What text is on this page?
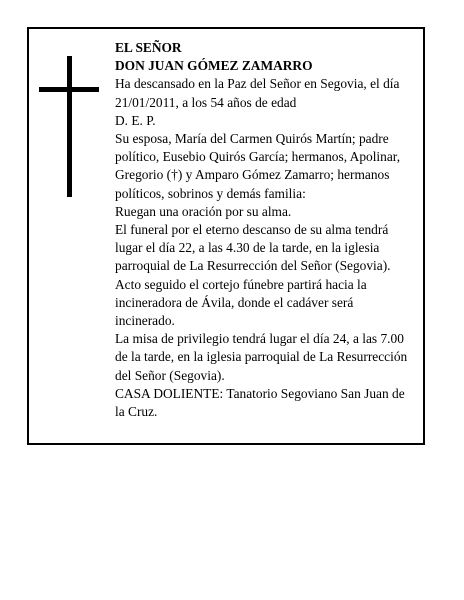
EL SEÑOR

DON JUAN GÓMEZ ZAMARRO

Ha descansado en la Paz del Señor en Segovia, el día 21/01/2011, a los 54 años de edad

D. E. P.

Su esposa, María del Carmen Quirós Martín; padre político, Eusebio Quirós García; hermanos, Apolinar, Gregorio (†) y Amparo Gómez Zamarro; hermanos políticos, sobrinos y demás familia:

Ruegan una oración por su alma.

El funeral por el eterno descanso de su alma tendrá lugar el día 22, a las 4.30 de la tarde, en la iglesia parroquial de La Resurrección del Señor (Segovia).

Acto seguido el cortejo fúnebre partirá hacia la incineradora de Ávila, donde el cadáver será incinerado.

La misa de privilegio tendrá lugar el día 24, a las 7.00 de la tarde, en la iglesia parroquial de La Resurrección del Señor (Segovia).

CASA DOLIENTE: Tanatorio Segoviano San Juan de la Cruz.
